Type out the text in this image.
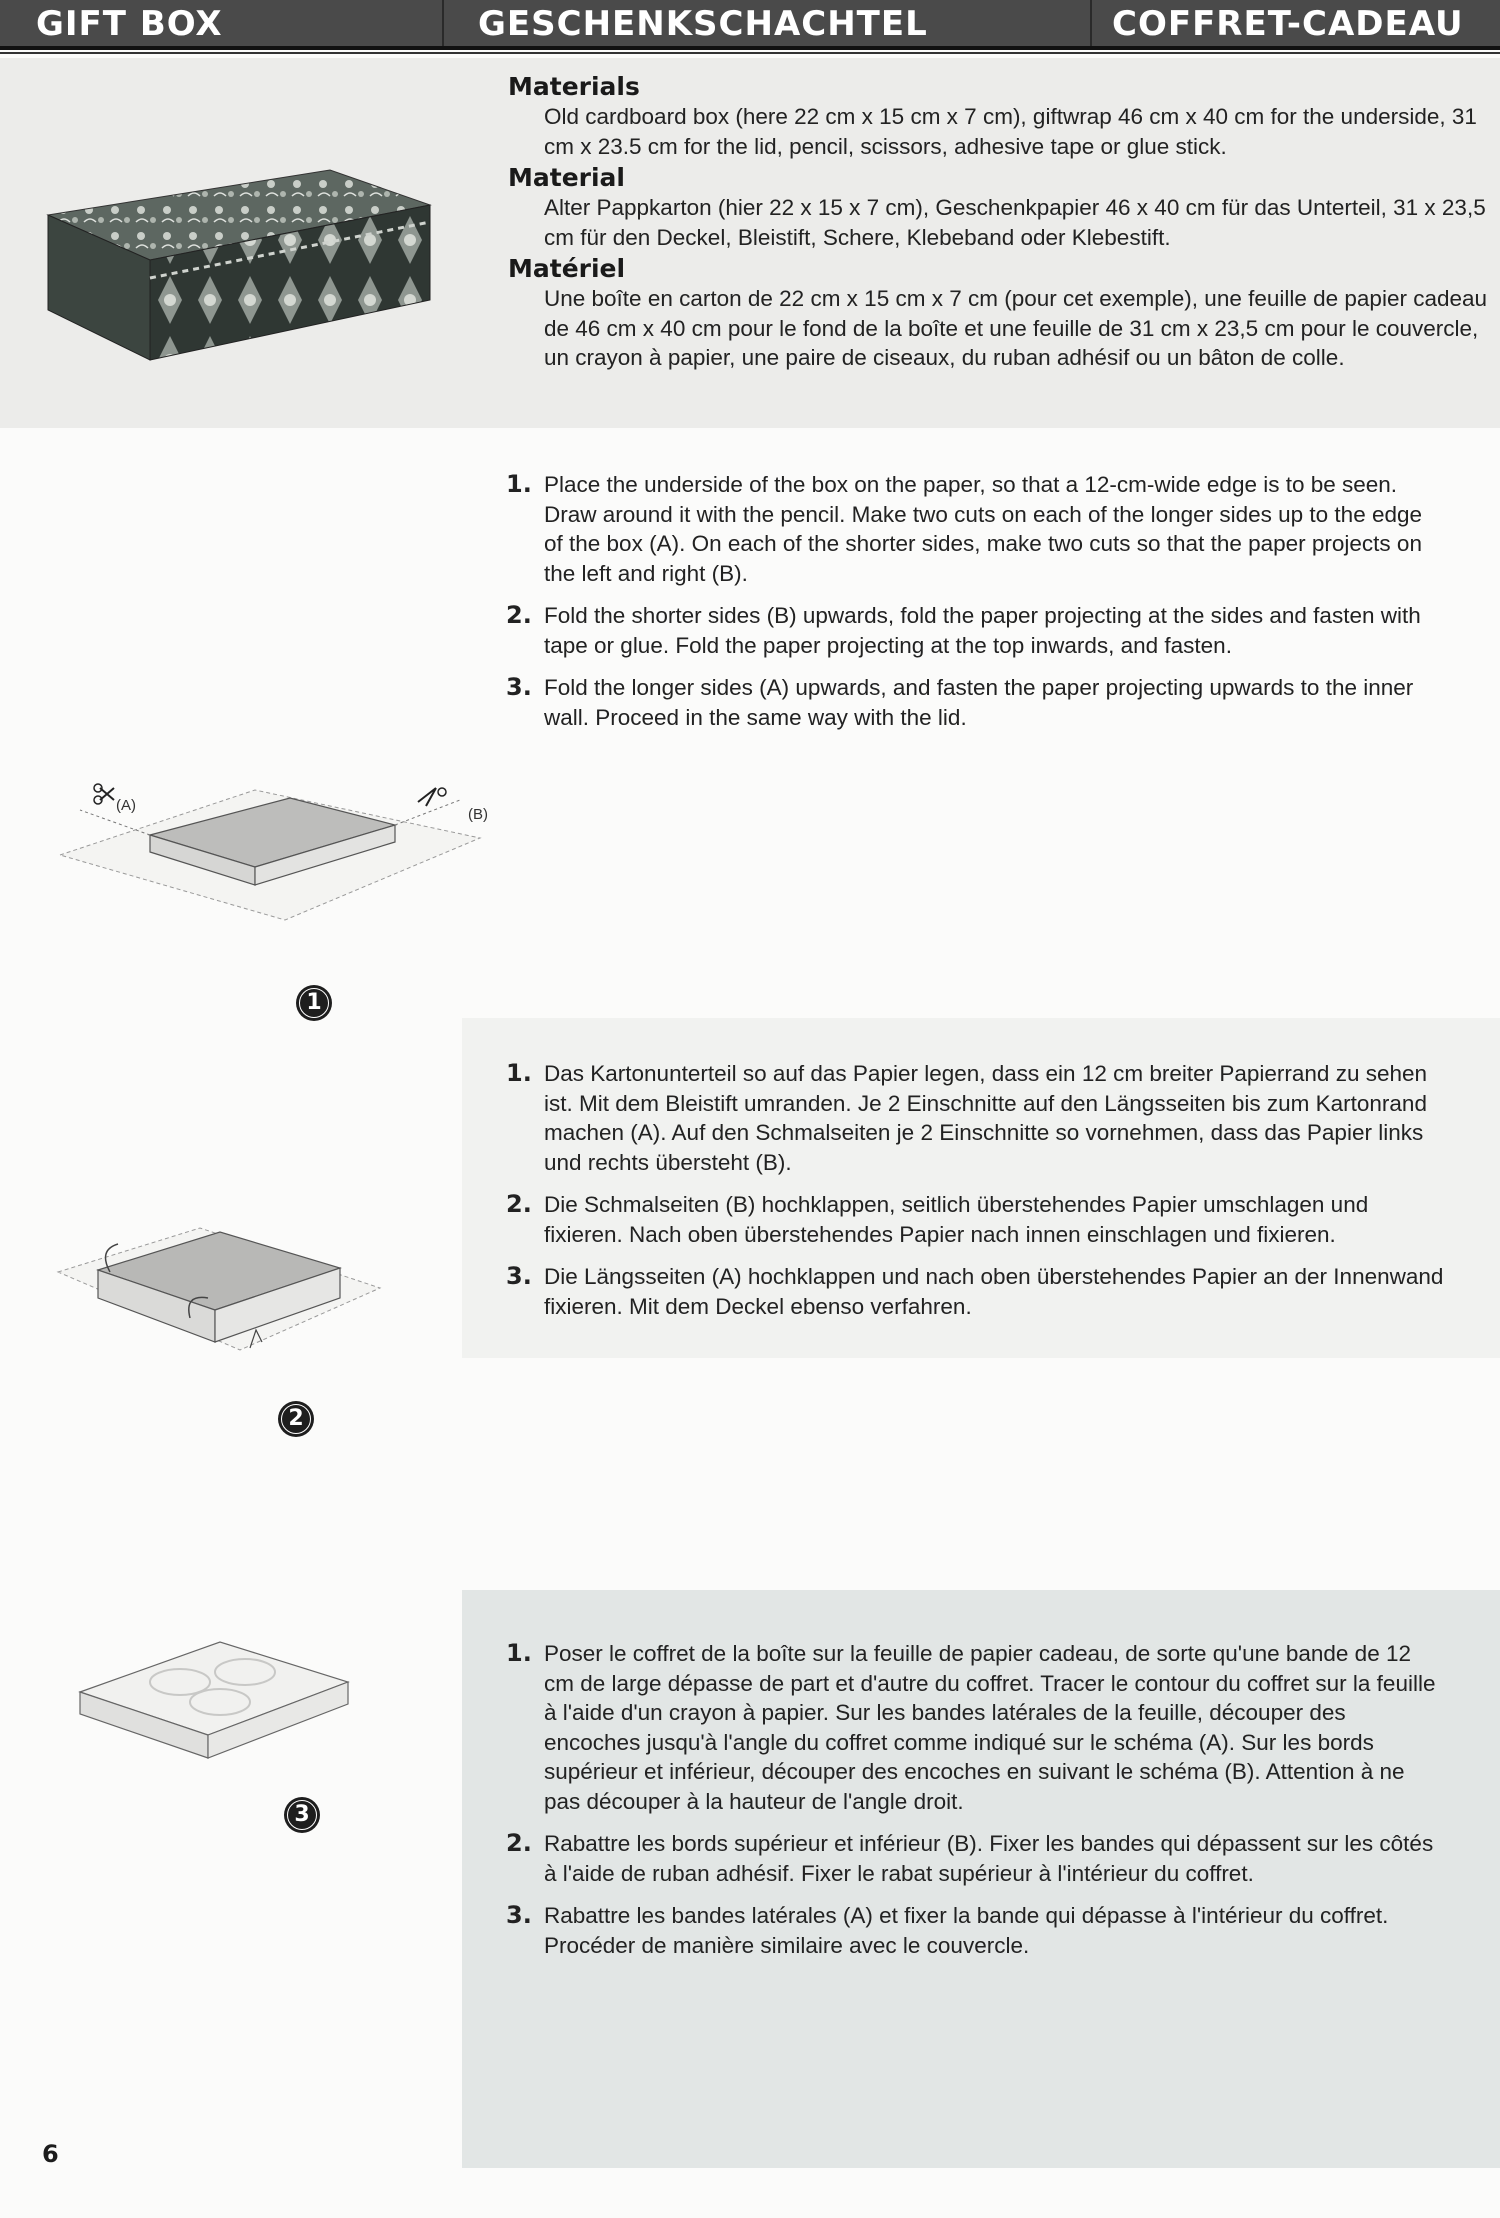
GIFT BOX	GESCHENKSCHACHTEL	COFFRET-CADEAU

Materials

Old cardboard box (here 22 cm x 15 cm x 7 cm), giftwrap 46 cm x 40 cm for the underside, 31 cm x 23.5 cm for the lid, pencil, scissors, adhesive tape or glue stick.

Material

Alter Pappkarton (hier 22 x 15 x 7 cm), Geschenkpapier 46 x 40 cm für das Unterteil, 31 x 23,5 cm für den Deckel, Bleistift, Schere, Klebeband oder Klebestift.

Matériel

Une boîte en carton de 22 cm x 15 cm x 7 cm (pour cet exemple), une feuille de papier cadeau de 46 cm x 40 cm pour le fond de la boîte et une feuille de 31 cm x 23,5 cm pour le couvercle, un crayon à papier, une paire de ciseaux, du ruban adhésif ou un bâton de colle.

1. Place the underside of the box on the paper, so that a 12-cm-wide edge is to be seen. Draw around it with the pencil. Make two cuts on each of the longer sides up to the edge of the box (A). On each of the shorter sides, make two cuts so that the paper projects on the left and right (B).
2. Fold the shorter sides (B) upwards, fold the paper projecting at the sides and fasten with tape or glue. Fold the paper projecting at the top inwards, and fasten.
3. Fold the longer sides (A) upwards, and fasten the paper projecting upwards to the inner wall. Proceed in the same way with the lid.
(A)
(B)
1
1. Das Kartonunterteil so auf das Papier legen, dass ein 12 cm breiter Papierrand zu sehen ist. Mit dem Bleistift umranden. Je 2 Einschnitte auf den Längsseiten bis zum Kartonrand machen (A). Auf den Schmalseiten je 2 Einschnitte so vornehmen, dass das Papier links und rechts übersteht (B).
2. Die Schmalseiten (B) hochklappen, seitlich überstehendes Papier umschlagen und fixieren. Nach oben überstehendes Papier nach innen einschlagen und fixieren.
3. Die Längsseiten (A) hochklappen und nach oben überstehendes Papier an der Innenwand fixieren. Mit dem Deckel ebenso verfahren.
2
1. Poser le coffret de la boîte sur la feuille de papier cadeau, de sorte qu'une bande de 12 cm de large dépasse de part et d'autre du coffret. Tracer le contour du coffret sur la feuille à l'aide d'un crayon à papier. Sur les bandes latérales de la feuille, découper des encoches jusqu'à l'angle du coffret comme indiqué sur le schéma (A). Sur les bords supérieur et inférieur, découper des encoches en suivant le schéma (B). Attention à ne pas découper à la hauteur de l'angle droit.
2. Rabattre les bords supérieur et inférieur (B). Fixer les bandes qui dépassent sur les côtés à l'aide de ruban adhésif. Fixer le rabat supérieur à l'intérieur du coffret.
3. Rabattre les bandes latérales (A) et fixer la bande qui dépasse à l'intérieur du coffret. Procéder de manière similaire avec le couvercle.
3
6
